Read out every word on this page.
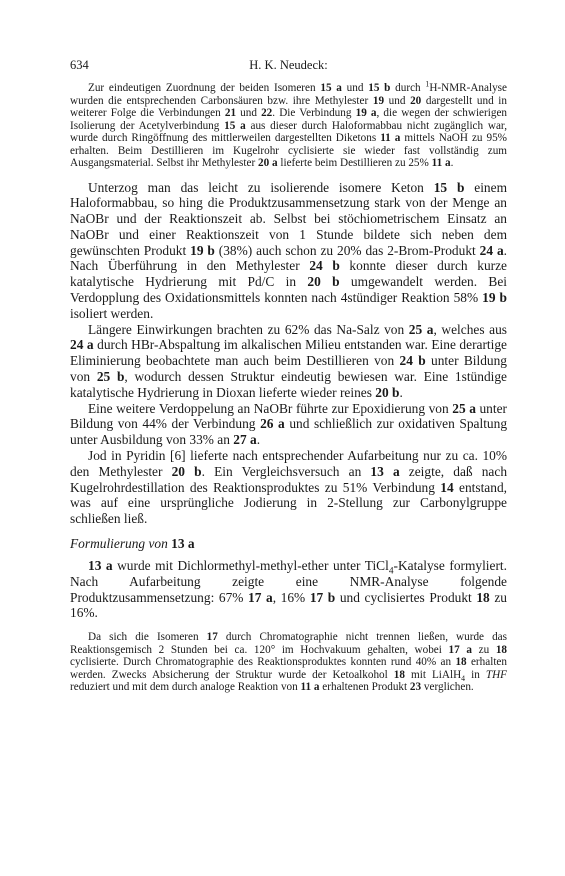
634	H. K. Neudeck:

Zur eindeutigen Zuordnung der beiden Isomeren 15 a und 15 b durch $^1$H-NMR-Analyse wurden die entsprechenden Carbonsäuren bzw. ihre Methylester 19 und 20 dargestellt und in weiterer Folge die Verbindungen 21 und 22. Die Verbindung 19 a, die wegen der schwierigen Isolierung der Acetylverbindung 15 a aus dieser durch Haloformabbau nicht zugänglich war, wurde durch Ringöffnung des mittlerweilen dargestellten Diketons 11 a mittels NaOH zu 95% erhalten. Beim Destillieren im Kugelrohr cyclisierte sie wieder fast vollständig zum Ausgangsmaterial. Selbst ihr Methylester 20 a lieferte beim Destillieren zu 25% 11 a.

Unterzog man das leicht zu isolierende isomere Keton 15 b einem Haloformabbau, so hing die Produktzusammensetzung stark von der Menge an NaOBr und der Reaktionszeit ab. Selbst bei stöchiometrischem Einsatz an NaOBr und einer Reaktionszeit von 1 Stunde bildete sich neben dem gewünschten Produkt 19 b (38%) auch schon zu 20% das 2-Brom-Produkt 24 a. Nach Überführung in den Methylester 24 b konnte dieser durch kurze katalytische Hydrierung mit Pd/C in 20 b umgewandelt werden. Bei Verdopplung des Oxidationsmittels konnten nach 4stündiger Reaktion 58% 19 b isoliert werden.

Längere Einwirkungen brachten zu 62% das Na-Salz von 25 a, welches aus 24 a durch HBr-Abspaltung im alkalischen Milieu entstanden war. Eine derartige Eliminierung beobachtete man auch beim Destillieren von 24 b unter Bildung von 25 b, wodurch dessen Struktur eindeutig bewiesen war. Eine 1stündige katalytische Hydrierung in Dioxan lieferte wieder reines 20 b.

Eine weitere Verdoppelung an NaOBr führte zur Epoxidierung von 25 a unter Bildung von 44% der Verbindung 26 a und schließlich zur oxidativen Spaltung unter Ausbildung von 33% an 27 a.

Jod in Pyridin [6] lieferte nach entsprechender Aufarbeitung nur zu ca. 10% den Methylester 20 b. Ein Vergleichsversuch an 13 a zeigte, daß nach Kugelrohrdestillation des Reaktionsproduktes zu 51% Verbindung 14 entstand, was auf eine ursprüngliche Jodierung in 2-Stellung zur Carbonylgruppe schließen ließ.

Formulierung von 13 a

13 a wurde mit Dichlormethyl-methyl-ether unter TiCl$_4$-Katalyse formyliert. Nach Aufarbeitung zeigte eine NMR-Analyse folgende Produktzusammensetzung: 67% 17 a, 16% 17 b und cyclisiertes Produkt 18 zu 16%.

Da sich die Isomeren 17 durch Chromatographie nicht trennen ließen, wurde das Reaktionsgemisch 2 Stunden bei ca. 120° im Hochvakuum gehalten, wobei 17 a zu 18 cyclisierte. Durch Chromatographie des Reaktionsproduktes konnten rund 40% an 18 erhalten werden. Zwecks Absicherung der Struktur wurde der Ketoalkohol 18 mit LiAlH$_4$ in THF reduziert und mit dem durch analoge Reaktion von 11 a erhaltenen Produkt 23 verglichen.
